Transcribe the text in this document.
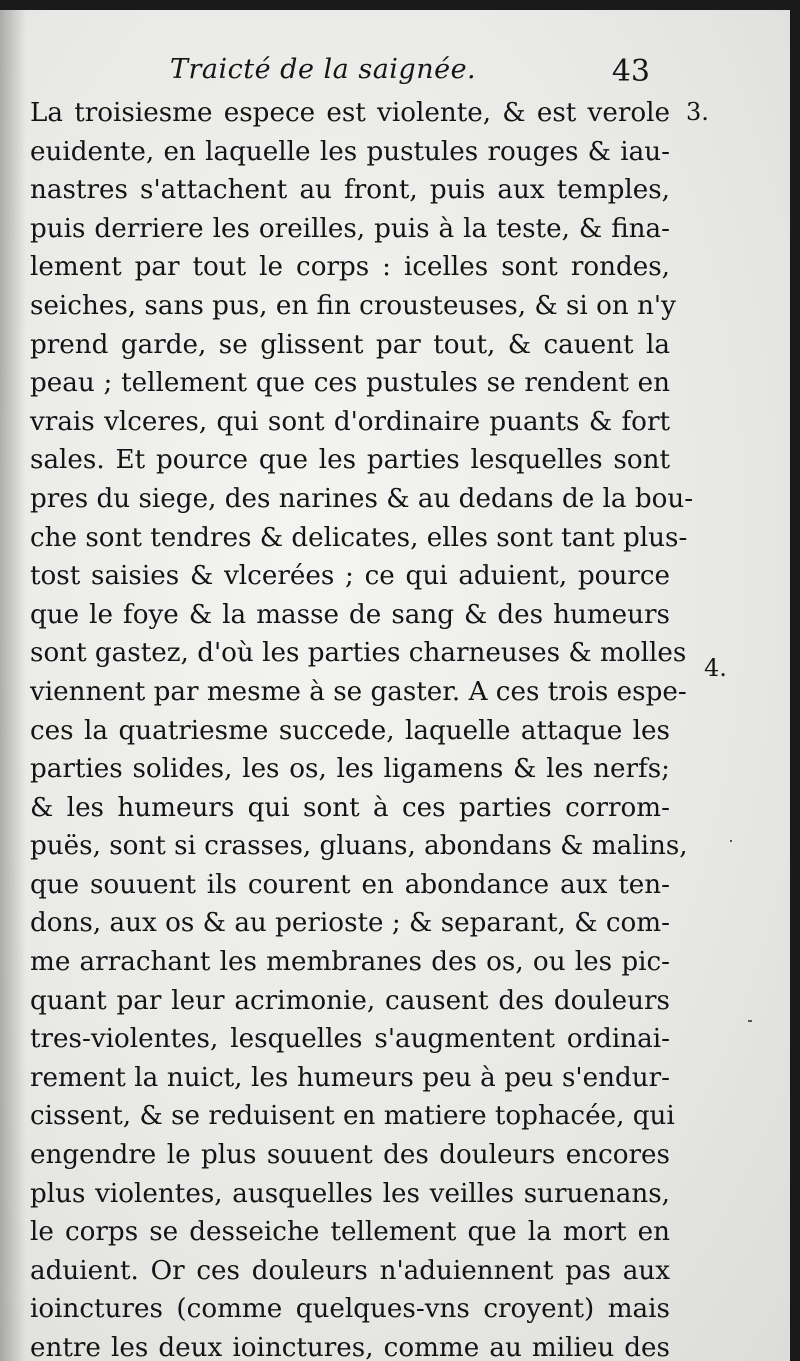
Traicté de la saignée.	43
La troisiesme espece est violente, & est verole
euidente, en laquelle les pustules rouges & iau-
nastres s'attachent au front, puis aux temples,
puis derriere les oreilles, puis à la teste, & fina-
lement par tout le corps : icelles sont rondes,
seiches, sans pus, en fin crousteuses, & si on n'y
prend garde, se glissent par tout, & cauent la
peau ; tellement que ces pustules se rendent en
vrais vlceres, qui sont d'ordinaire puants & fort
sales. Et pource que les parties lesquelles sont
pres du siege, des narines & au dedans de la bou-
che sont tendres & delicates, elles sont tant plus-
tost saisies & vlcerées ; ce qui aduient, pource
que le foye & la masse de sang & des humeurs
sont gastez, d'où les parties charneuses & molles
viennent par mesme à se gaster. A ces trois espe-
ces la quatriesme succede, laquelle attaque les
parties solides, les os, les ligamens & les nerfs;
& les humeurs qui sont à ces parties corrom-
puës, sont si crasses, gluans, abondans & malins,
que souuent ils courent en abondance aux ten-
dons, aux os & au perioste ; & separant, & com-
me arrachant les membranes des os, ou les pic-
quant par leur acrimonie, causent des douleurs
tres-violentes, lesquelles s'augmentent ordinai-
rement la nuict, les humeurs peu à peu s'endur-
cissent, & se reduisent en matiere tophacée, qui
engendre le plus souuent des douleurs encores
plus violentes, ausquelles les veilles suruenans,
le corps se desseiche tellement que la mort en
aduient. Or ces douleurs n'aduiennent pas aux
ioinctures (comme quelques-vns croyent) mais
entre les deux ioinctures, comme au milieu des
3.
4.
